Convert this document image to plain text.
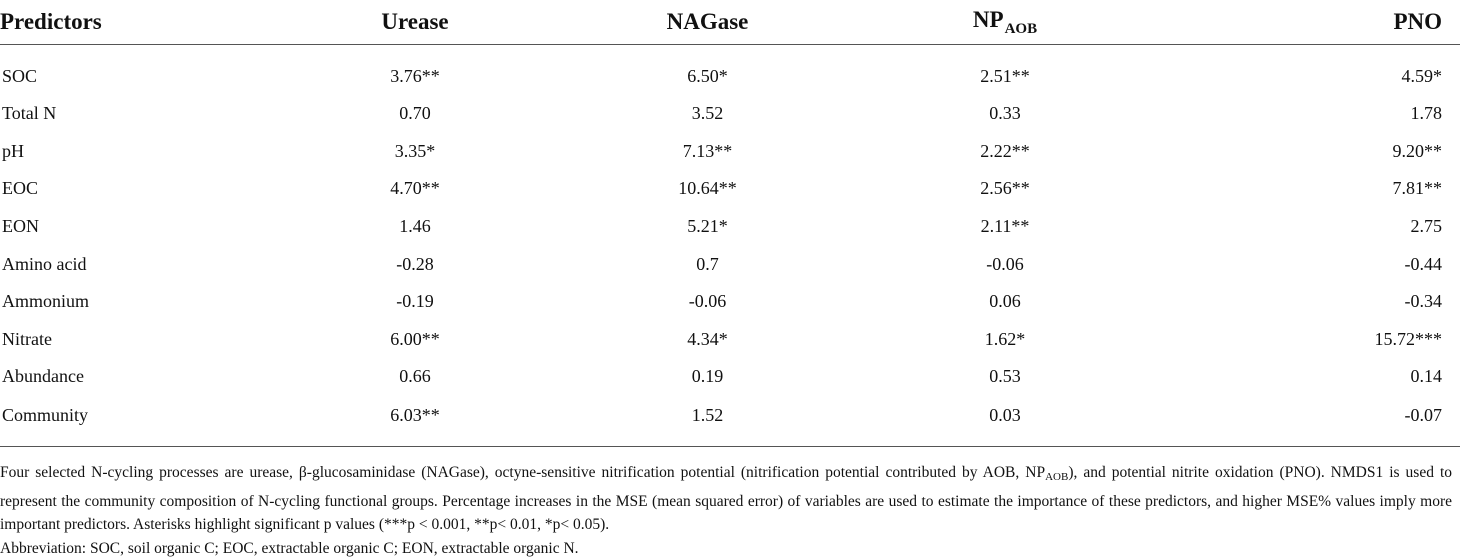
Predictors	Urease	NAGase	$NP_{AOB}$	PNO
SOC	3.76**	6.50*	2.51**	4.59*
Total N	0.70	3.52	0.33	1.78
pH	3.35*	7.13**	2.22**	9.20**
EOC	4.70**	10.64**	2.56**	7.81**
EON	1.46	5.21*	2.11**	2.75
Amino acid	-0.28	0.7	-0.06	-0.44
Ammonium	-0.19	-0.06	0.06	-0.34
Nitrate	6.00**	4.34*	1.62*	15.72***
Abundance	0.66	0.19	0.53	0.14
Community	6.03**	1.52	0.03	-0.07
Four selected N-cycling processes are urease, β-glucosaminidase (NAGase), octyne-sensitive nitrification potential (nitrification potential contributed by AOB, $NP_{AOB}$), and potential nitrite oxidation (PNO). NMDS1 is used to represent the community composition of N-cycling functional groups. Percentage increases in the MSE (mean squared error) of variables are used to estimate the importance of these predictors, and higher MSE% values imply more important predictors. Asterisks highlight significant p values (***p < 0.001, **p< 0.01, *p< 0.05).
Abbreviation: SOC, soil organic C; EOC, extractable organic C; EON, extractable organic N.
